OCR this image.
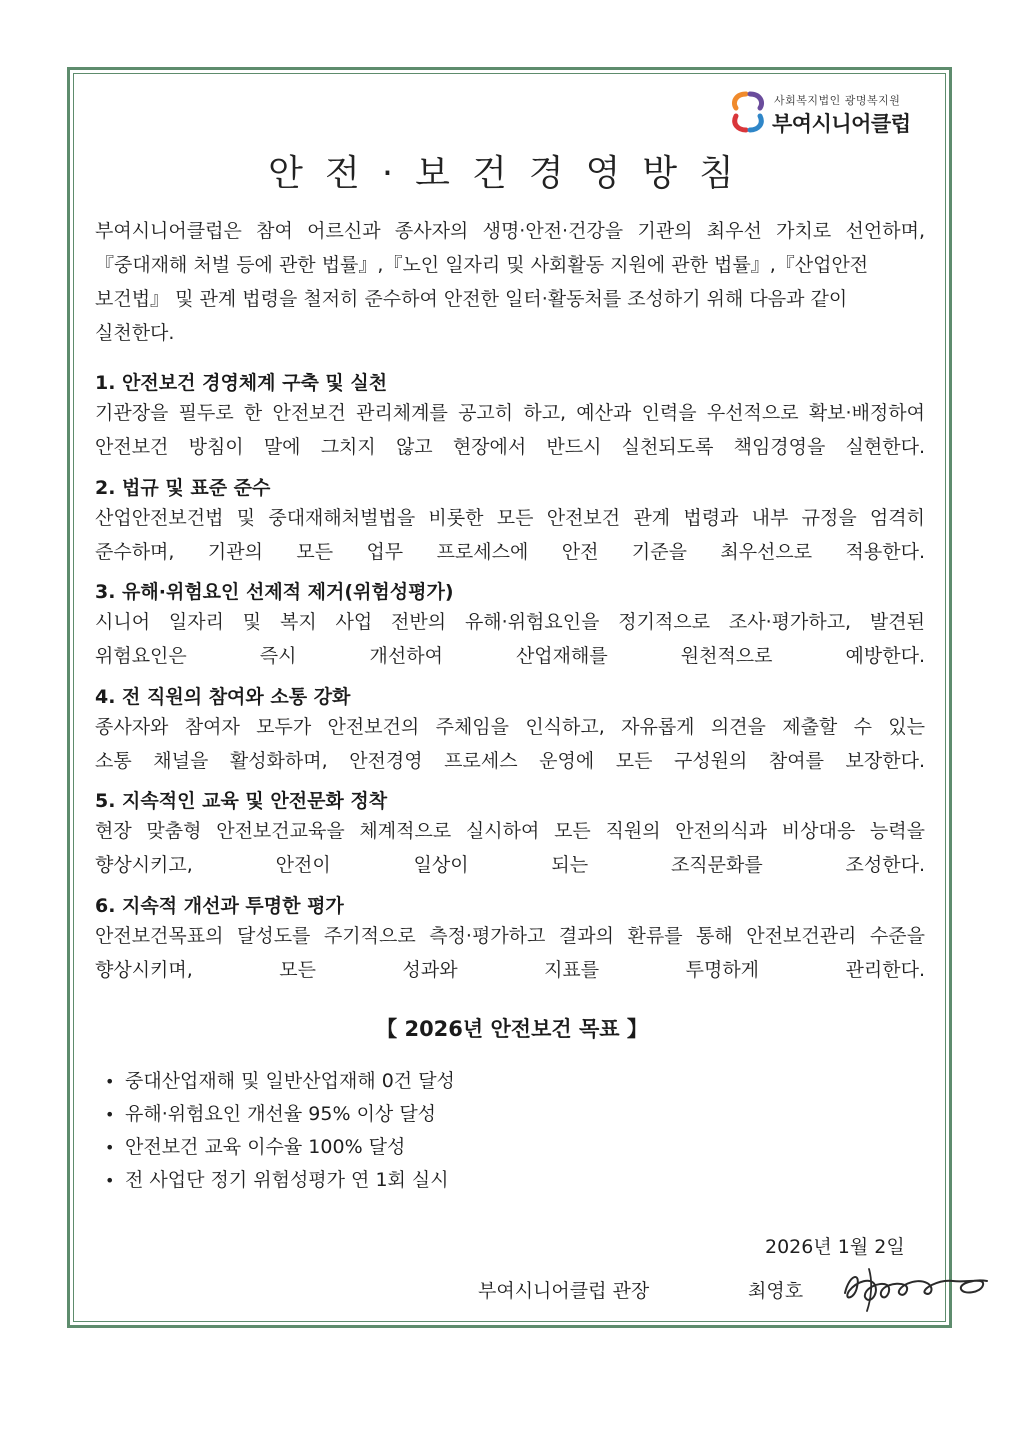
사회복지법인 광명복지원
부여시니어클럽
안전·보건경영방침
부여시니어클럽은 참여 어르신과 종사자의 생명·안전·건강을 기관의 최우선 가치로 선언하며,
『중대재해 처벌 등에 관한 법률』,『노인 일자리 및 사회활동 지원에 관한 법률』,『산업안전
보건법』 및 관계 법령을 철저히 준수하여 안전한 일터·활동처를 조성하기 위해 다음과 같이
실천한다.
1. 안전보건 경영체계 구축 및 실천
기관장을 필두로 한 안전보건 관리체계를 공고히 하고, 예산과 인력을 우선적으로 확보·배정하여
안전보건 방침이 말에 그치지 않고 현장에서 반드시 실천되도록 책임경영을 실현한다.
2. 법규 및 표준 준수
산업안전보건법 및 중대재해처벌법을 비롯한 모든 안전보건 관계 법령과 내부 규정을 엄격히
준수하며, 기관의 모든 업무 프로세스에 안전 기준을 최우선으로 적용한다.
3. 유해·위험요인 선제적 제거(위험성평가)
시니어 일자리 및 복지 사업 전반의 유해·위험요인을 정기적으로 조사·평가하고, 발견된
위험요인은 즉시 개선하여 산업재해를 원천적으로 예방한다.
4. 전 직원의 참여와 소통 강화
종사자와 참여자 모두가 안전보건의 주체임을 인식하고, 자유롭게 의견을 제출할 수 있는
소통 채널을 활성화하며, 안전경영 프로세스 운영에 모든 구성원의 참여를 보장한다.
5. 지속적인 교육 및 안전문화 정착
현장 맞춤형 안전보건교육을 체계적으로 실시하여 모든 직원의 안전의식과 비상대응 능력을
향상시키고, 안전이 일상이 되는 조직문화를 조성한다.
6. 지속적 개선과 투명한 평가
안전보건목표의 달성도를 주기적으로 측정·평가하고 결과의 환류를 통해 안전보건관리 수준을
향상시키며, 모든 성과와 지표를 투명하게 관리한다.
【 2026년 안전보건 목표 】
• 중대산업재해 및 일반산업재해 0건 달성
• 유해·위험요인 개선율 95% 이상 달성
• 안전보건 교육 이수율 100% 달성
• 전 사업단 정기 위험성평가 연 1회 실시
2026년 1월 2일
부여시니어클럽 관장	최영호
